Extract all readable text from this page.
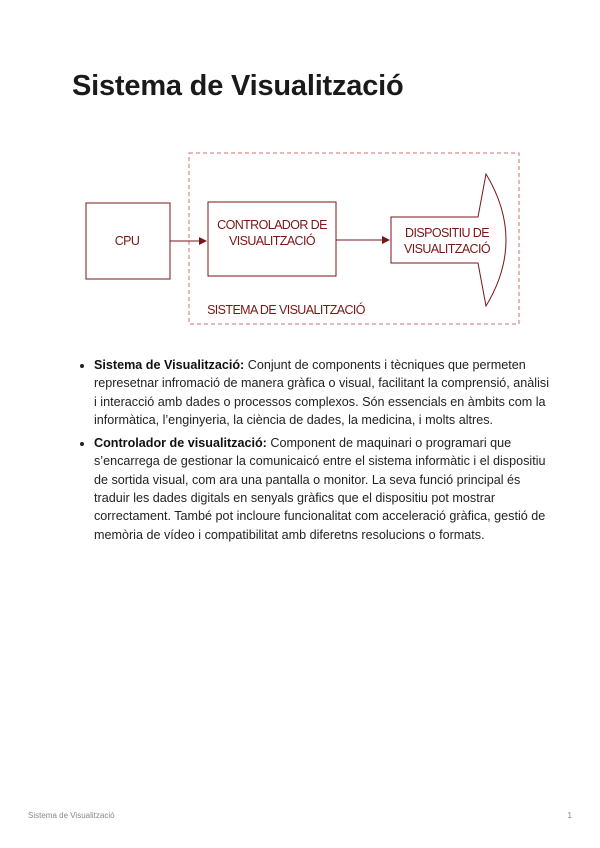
Sistema de Visualització
CPU
CONTROLADOR DE
VISUALITZACIÓ
DISPOSITIU DE
VISUALITZACIÓ
SISTEMA DE VISUALITZACIÓ
• Sistema de Visualització: Conjunt de components i tècniques que permeten represetnar infromació de manera gràfica o visual, facilitant la comprensió, anàlisi i interacció amb dades o processos complexos. Són essencials en àmbits com la informàtica, l’enginyeria, la ciència de dades, la medicina, i molts altres.
• Controlador de visualització: Component de maquinari o programari que s’encarrega de gestionar la comunicaicó entre el sistema informàtic i el dispositiu de sortida visual, com ara una pantalla o monitor. La seva funció principal és traduir les dades digitals en senyals gràfics que el dispositiu pot mostrar correctament. També pot incloure funcionalitat com acceleració gràfica, gestió de memòria de vídeo i compatibilitat amb diferetns resolucions o formats.
Sistema de Visualització	1
